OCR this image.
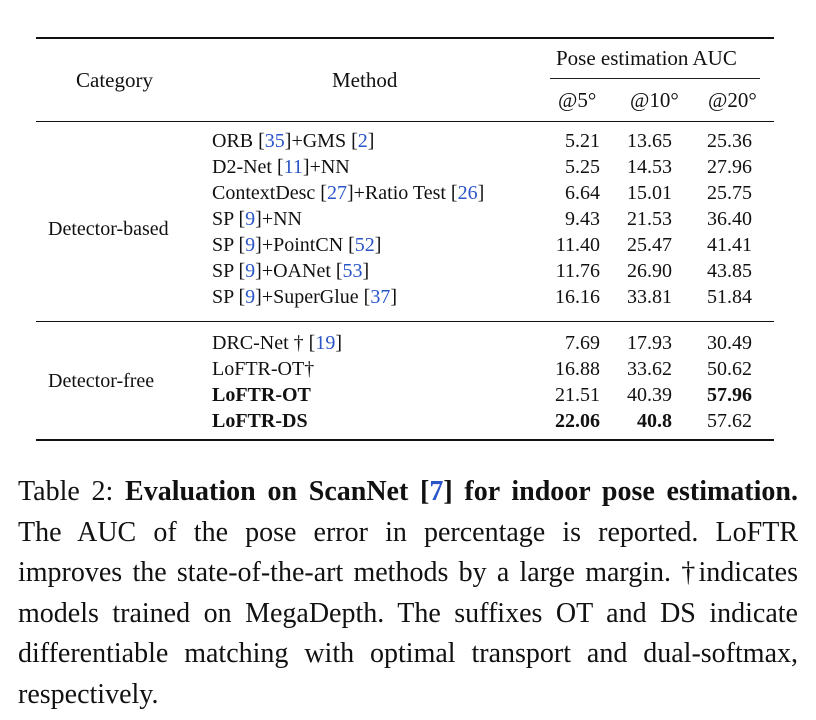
Category	Method
Pose estimation AUC
@5° @10° @20°
Detector-based
ORB [35]+GMS [2]	5.21	13.65	25.36
D2-Net [11]+NN	5.25	14.53	27.96
ContextDesc [27]+Ratio Test [26]	6.64	15.01	25.75
SP [9]+NN	9.43	21.53	36.40
SP [9]+PointCN [52]	11.40	25.47	41.41
SP [9]+OANet [53]	11.76	26.90	43.85
SP [9]+SuperGlue [37]	16.16	33.81	51.84
Detector-free
DRC-Net † [19]	7.69	17.93	30.49
LoFTR-OT†	16.88	33.62	50.62
LoFTR-OT	21.51	40.39	57.96
LoFTR-DS	22.06	40.8	57.62
Table 2: Evaluation on ScanNet [7] for indoor pose estimation. The AUC of the pose error in percentage is reported. LoFTR improves the state-of-the-art methods by a large margin. †indicates models trained on MegaDepth. The suffixes OT and DS indicate differentiable matching with optimal transport and dual-softmax, respectively.
